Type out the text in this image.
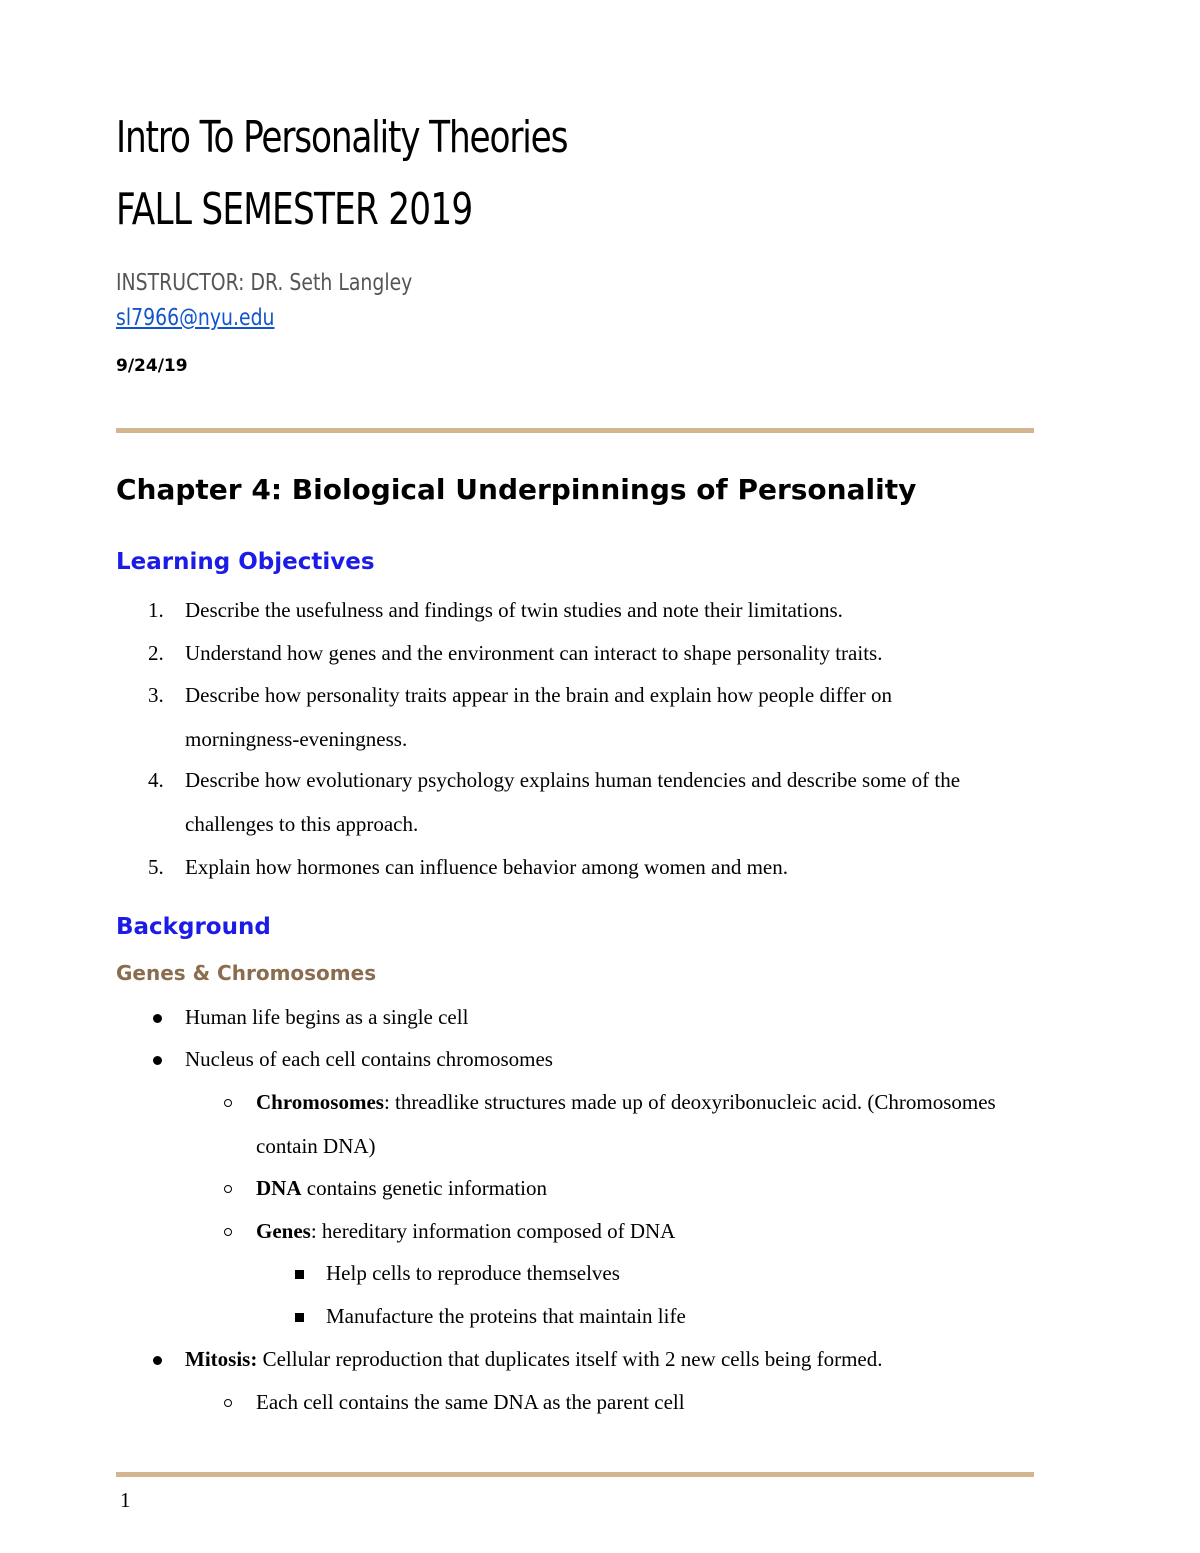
Intro To Personality Theories
FALL SEMESTER 2019
INSTRUCTOR: DR. Seth Langley
sl7966@nyu.edu
9/24/19
Chapter 4: Biological Underpinnings of Personality
Learning Objectives
1. Describe the usefulness and findings of twin studies and note their limitations.
2. Understand how genes and the environment can interact to shape personality traits.
3. Describe how personality traits appear in the brain and explain how people differ on
morningness-eveningness.
4. Describe how evolutionary psychology explains human tendencies and describe some of the
challenges to this approach.
5. Explain how hormones can influence behavior among women and men.
Background
Genes & Chromosomes
Human life begins as a single cell
Nucleus of each cell contains chromosomes
Chromosomes: threadlike structures made up of deoxyribonucleic acid. (Chromosomes
contain DNA)
DNA contains genetic information
Genes: hereditary information composed of DNA
Help cells to reproduce themselves
Manufacture the proteins that maintain life
Mitosis: Cellular reproduction that duplicates itself with 2 new cells being formed.
Each cell contains the same DNA as the parent cell
1
